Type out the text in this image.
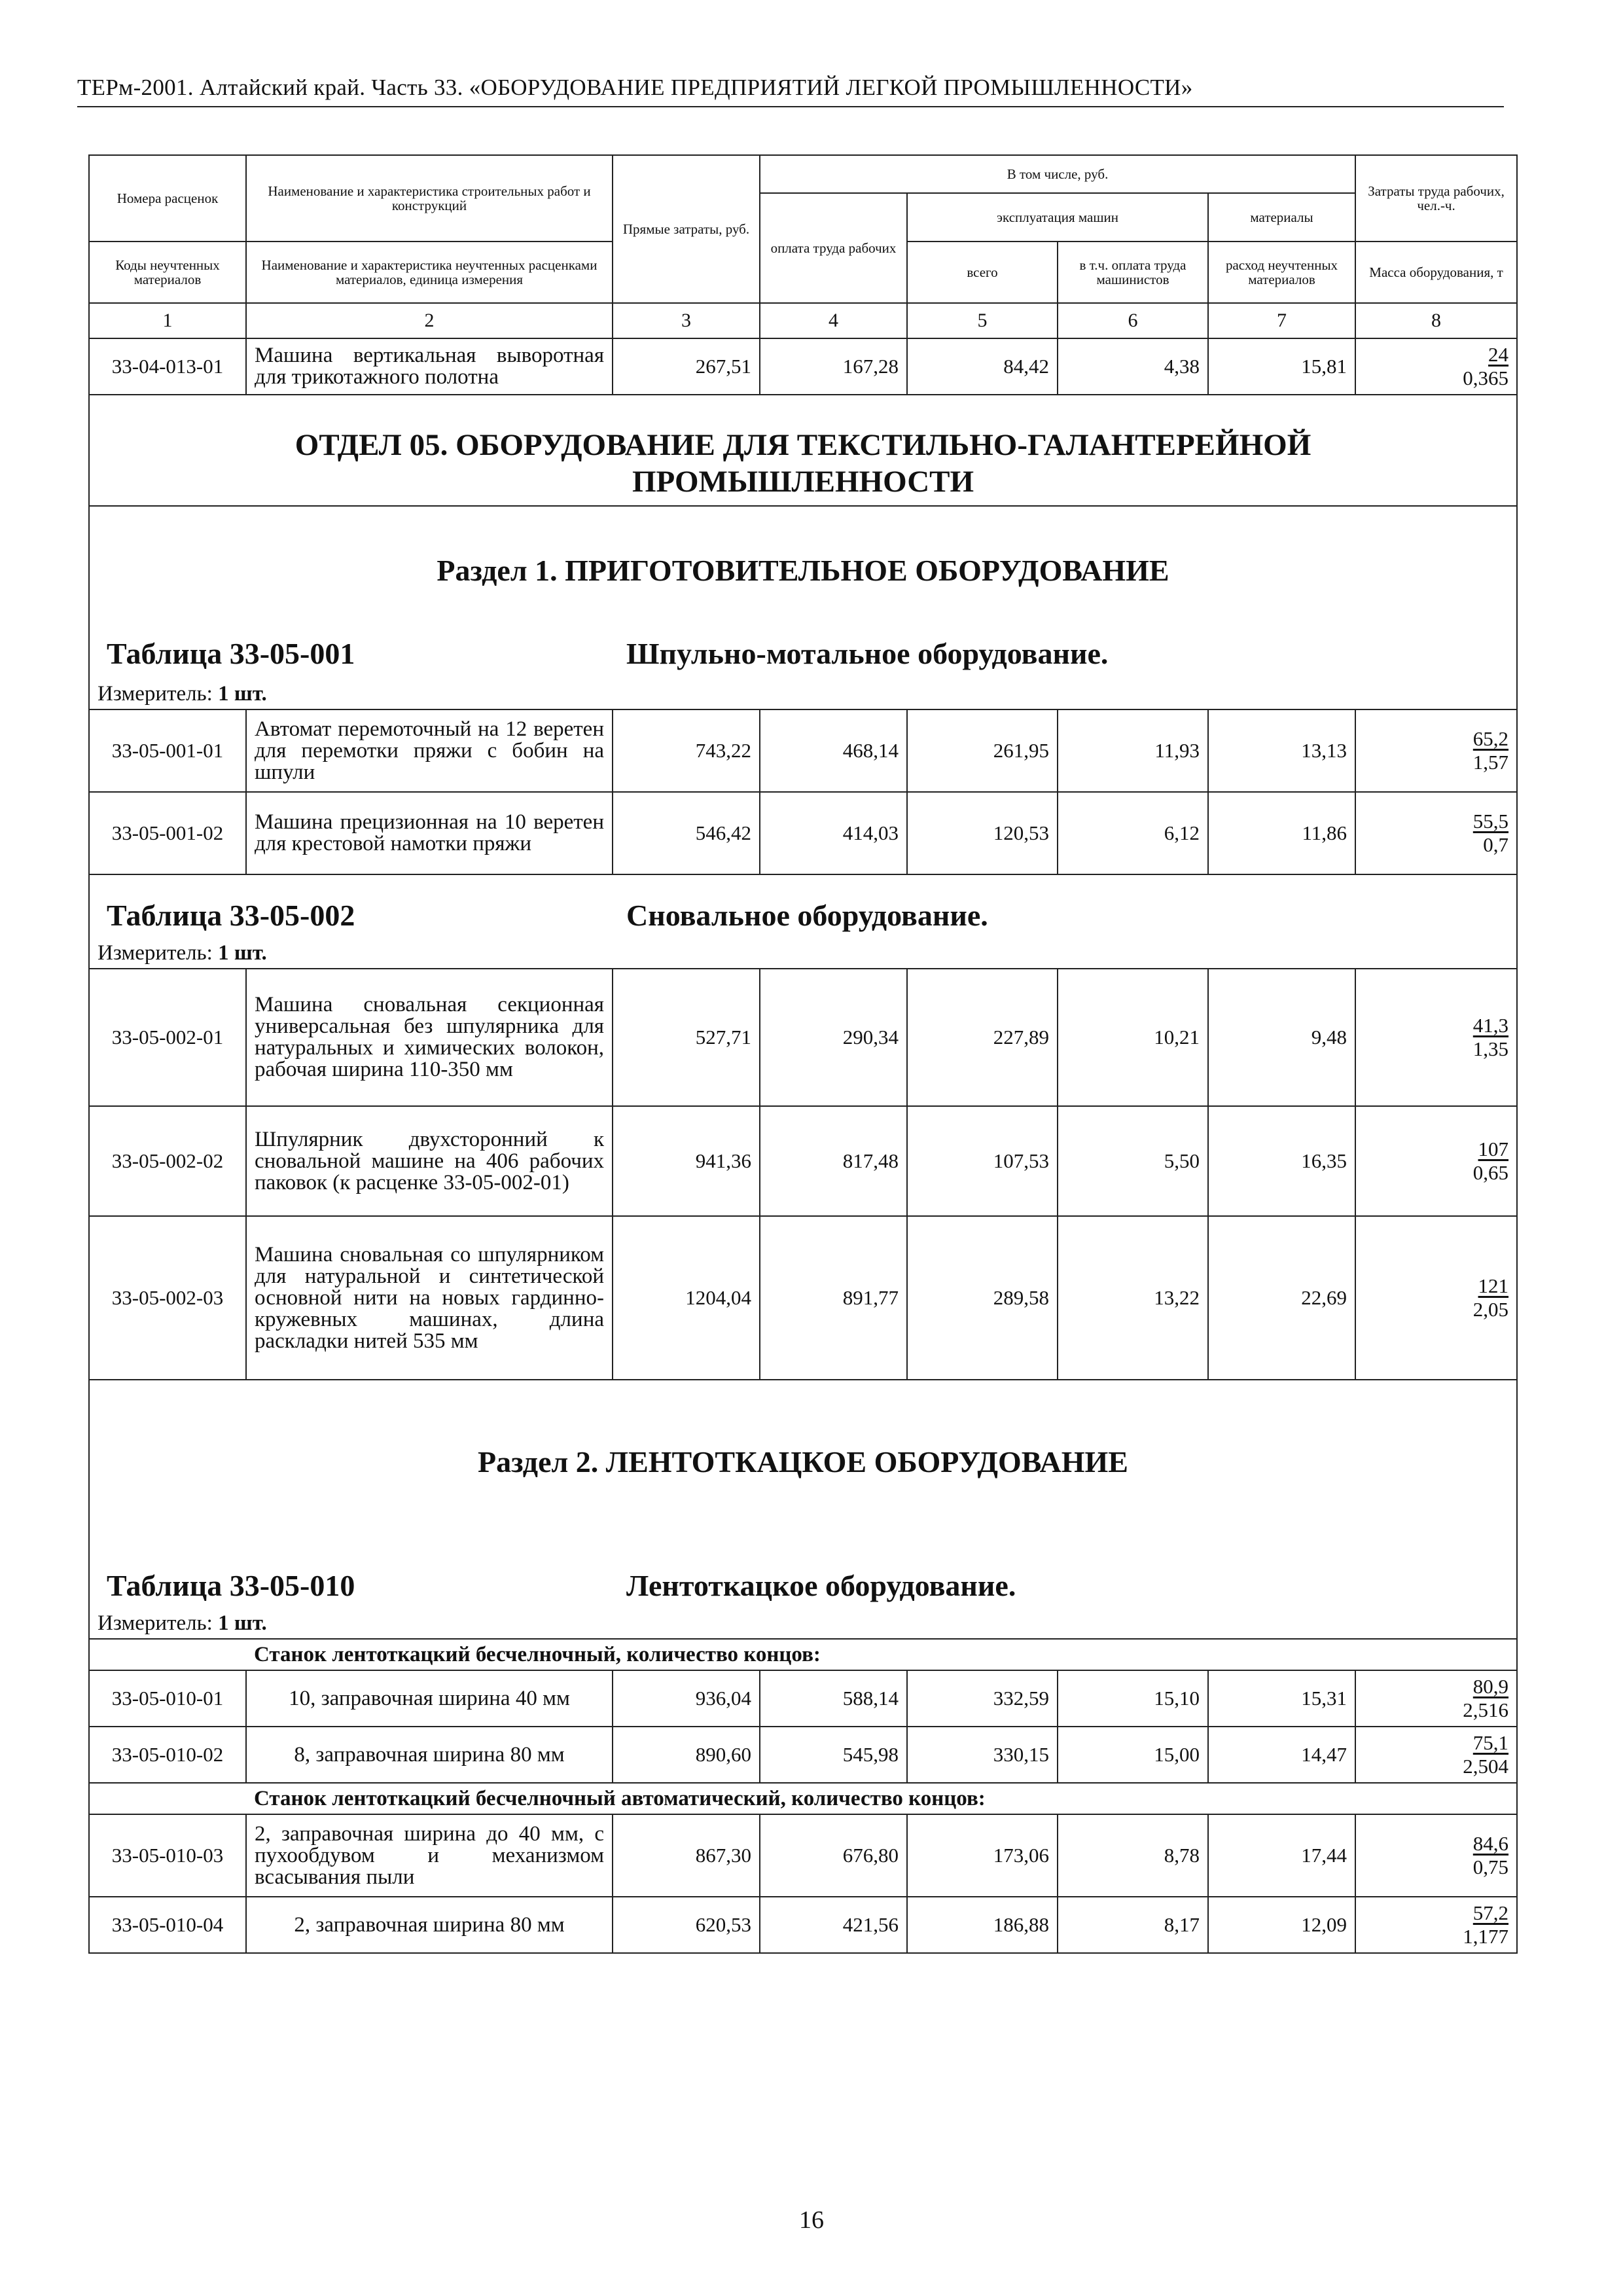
ТЕРм-2001. Алтайский край. Часть 33. «ОБОРУДОВАНИЕ ПРЕДПРИЯТИЙ ЛЕГКОЙ ПРОМЫШЛЕННОСТИ»
Номера расценок	Наименование и характеристика строительных работ и конструкций	Прямые затраты, руб.	В том числе, руб.				Затраты труда рабочих, чел.-ч.
			оплата труда рабочих	эксплуатация машин		материалы	
Коды неучтенных материалов	Наименование и характеристика неучтенных расценками материалов, единица измерения			всего	в т.ч. оплата труда машинистов	расход неучтенных материалов	Масса оборудования, т
1	2	3	4	5	6	7	8
33-04-013-01	Машина вертикальная выворотная для трикотажного полотна	267,51	167,28	84,42	4,38	15,81	24
0,365
ОТДЕЛ 05. ОБОРУДОВАНИЕ ДЛЯ ТЕКСТИЛЬНО-ГАЛАНТЕРЕЙНОЙ
ПРОМЫШЛЕННОСТИ							
Раздел 1. ПРИГОТОВИТЕЛЬНОЕ ОБОРУДОВАНИЕ							

Таблица 33-05-001 Шпульно-мотальное оборудование.							

Измеритель: 1 шт.							
33-05-001-01	Автомат перемоточный на 12 веретен для перемотки пряжи с бобин на шпули	743,22	468,14	261,95	11,93	13,13	65,2
1,57
33-05-001-02	Машина прецизионная на 10 веретен для крестовой намотки пряжи	546,42	414,03	120,53	6,12	11,86	55,5
0,7

Таблица 33-05-002 Сновальное оборудование.							

Измеритель: 1 шт.							
33-05-002-01	Машина сновальная секционная универсальная без шпулярника для натуральных и химических волокон, рабочая ширина 110-350 мм	527,71	290,34	227,89	10,21	9,48	41,3
1,35
33-05-002-02	Шпулярник двухсторонний к сновальной машине на 406 рабочих паковок (к расценке 33-05-002-01)	941,36	817,48	107,53	5,50	16,35	107
0,65
33-05-002-03	Машина сновальная со шпулярником для натуральной и синтетической основной нити на новых гардинно-кружевных машинах, длина раскладки нитей 535 мм	1204,04	891,77	289,58	13,22	22,69	121
2,05
Раздел 2. ЛЕНТОТКАЦКОЕ ОБОРУДОВАНИЕ							

Таблица 33-05-010 Лентоткацкое оборудование.							

Измеритель: 1 шт.							
	Станок лентоткацкий бесчелночный, количество концов:						
33-05-010-01	10, заправочная ширина 40 мм	936,04	588,14	332,59	15,10	15,31	80,9
2,516
33-05-010-02	8, заправочная ширина 80 мм	890,60	545,98	330,15	15,00	14,47	75,1
2,504
	Станок лентоткацкий бесчелночный автоматический, количество концов:						
33-05-010-03	2, заправочная ширина до 40 мм, с пухообдувом и механизмом всасывания пыли	867,30	676,80	173,06	8,78	17,44	84,6
0,75
33-05-010-04	2, заправочная ширина 80 мм	620,53	421,56	186,88	8,17	12,09	57,2
1,177
16
